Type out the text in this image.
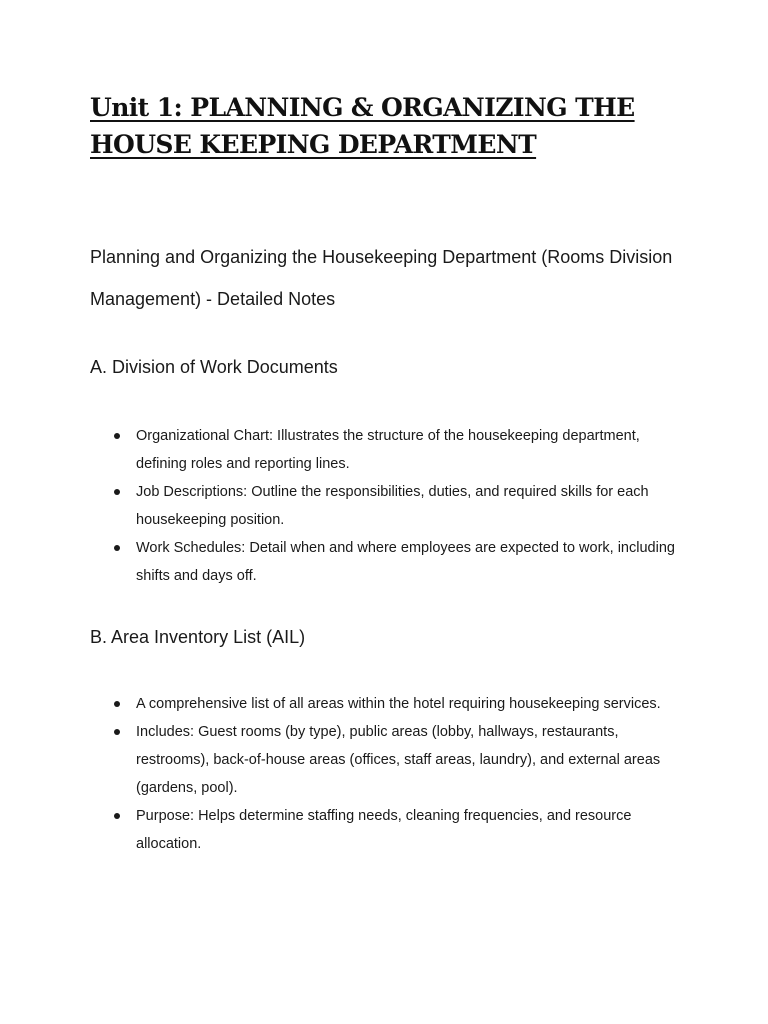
Unit 1: PLANNING & ORGANIZING THE HOUSE KEEPING DEPARTMENT

Planning and Organizing the Housekeeping Department (Rooms Division Management) - Detailed Notes

A. Division of Work Documents
Organizational Chart: Illustrates the structure of the housekeeping department, defining roles and reporting lines.
Job Descriptions: Outline the responsibilities, duties, and required skills for each housekeeping position.
Work Schedules: Detail when and where employees are expected to work, including shifts and days off.
B. Area Inventory List (AIL)
A comprehensive list of all areas within the hotel requiring housekeeping services.
Includes: Guest rooms (by type), public areas (lobby, hallways, restaurants, restrooms), back-of-house areas (offices, staff areas, laundry), and external areas (gardens, pool).
Purpose: Helps determine staffing needs, cleaning frequencies, and resource allocation.
